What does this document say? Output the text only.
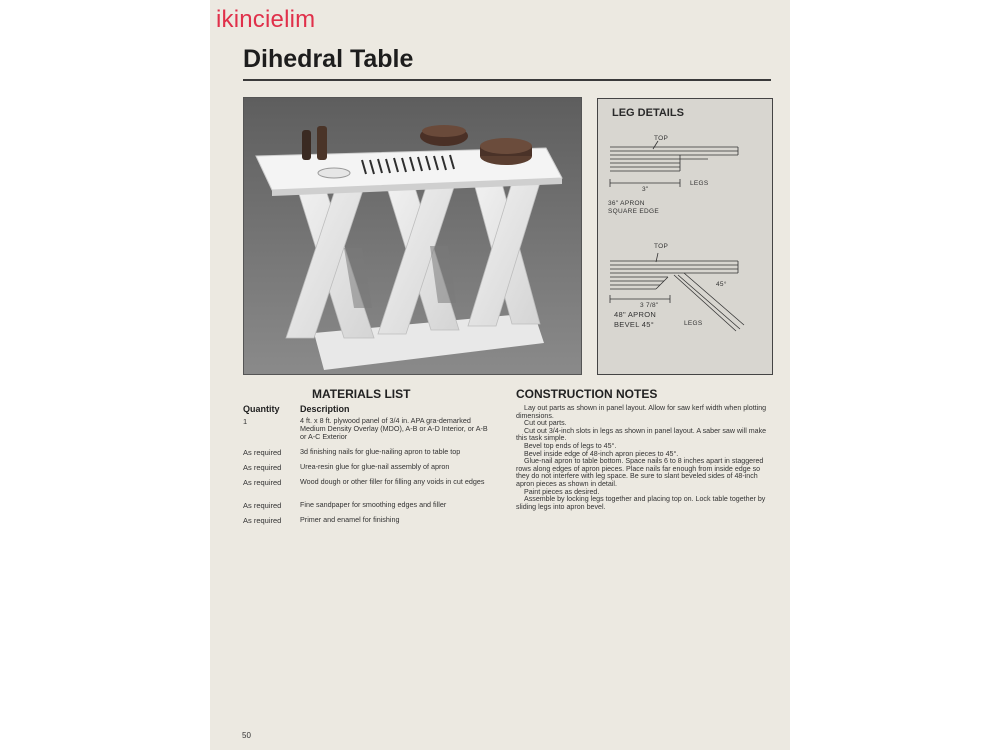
ikincielim
Dihedral Table
LEG DETAILS
TOP
LEGS
3"
36" APRON
SQUARE EDGE
TOP
45°
3 7/8"
48" APRON
BEVEL 45°	LEGS
MATERIALS LIST
Quantity Description
1	4 ft. x 8 ft. plywood panel of 3/4 in. APA gra-demarked Medium Density Overlay (MDO), A-B or A-D Interior, or A-B or A-C Exterior
As required	3d finishing nails for glue-nailing apron to table top
As required	Urea-resin glue for glue-nail assembly of apron
As required	Wood dough or other filler for filling any voids in cut edges
As required	Fine sandpaper for smoothing edges and filler
As required	Primer and enamel for finishing
CONSTRUCTION NOTES

Lay out parts as shown in panel layout. Allow for saw kerf width when plotting dimensions.

Cut out parts.

Cut out 3/4-inch slots in legs as shown in panel layout. A saber saw will make this task simple.

Bevel top ends of legs to 45°.

Bevel inside edge of 48-inch apron pieces to 45°.

Glue-nail apron to table bottom. Space nails 6 to 8 inches apart in staggered rows along edges of apron pieces. Place nails far enough from inside edge so they do not interfere with leg space. Be sure to slant beveled sides of 48-inch apron pieces as shown in detail.

Paint pieces as desired.

Assemble by locking legs together and placing top on. Lock table together by sliding legs into apron bevel.

50
